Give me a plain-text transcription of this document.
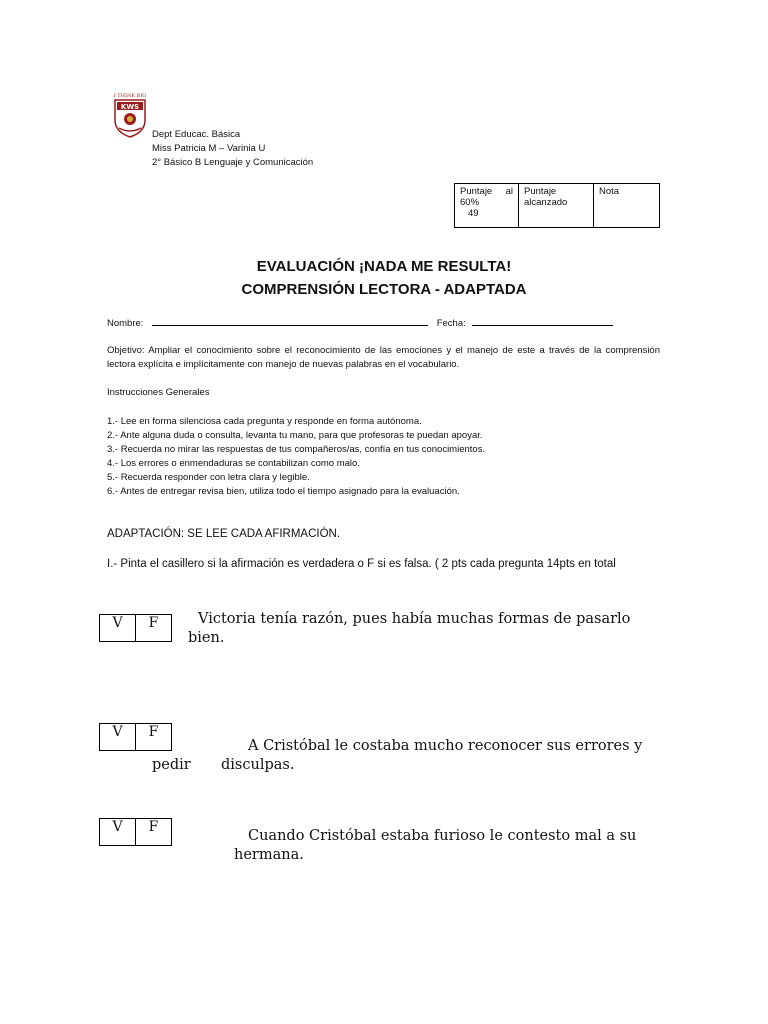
I THINK BIG
KWS
Dept Educac. Básica
Miss Patricia M – Varinia U
2° Básico B Lenguaje y Comunicación
Puntaje al
60%
49

Puntaje
alcanzado

Nota
EVALUACIÓN ¡NADA ME RESULTA!
COMPRENSIÓN LECTORA - ADAPTADA
Nombre:	Fecha:
Objetivo: Ampliar el conocimiento sobre el reconocimiento de las emociones y el manejo de este a través de la comprensión lectora explícita e implícitamente con manejo de nuevas palabras en el vocabulario.
Instrucciones Generales
1.- Lee en forma silenciosa cada pregunta y responde en forma autónoma.
2.- Ante alguna duda o consulta, levanta tu mano, para que profesoras te puedan apoyar.
3.- Recuerda no mirar las respuestas de tus compañeros/as, confía en tus conocimientos.
4.- Los errores o enmendaduras se contabilizan como malo.
5.- Recuerda responder con letra clara y legible.
6.- Antes de entregar revisa bien, utiliza todo el tiempo asignado para la evaluación.
ADAPTACIÓN: SE LEE CADA AFIRMACIÓN.
I.- Pinta el casillero si la afirmación es verdadera o F si es falsa. ( 2 pts cada pregunta 14pts en total
V	F	Victoria tenía razón, pues había muchas formas de pasarlo
bien.
V	F
A Cristóbal le costaba mucho reconocer sus errores y
pedir disculpas.
V	F
Cuando Cristóbal estaba furioso le contesto mal a su
hermana.
